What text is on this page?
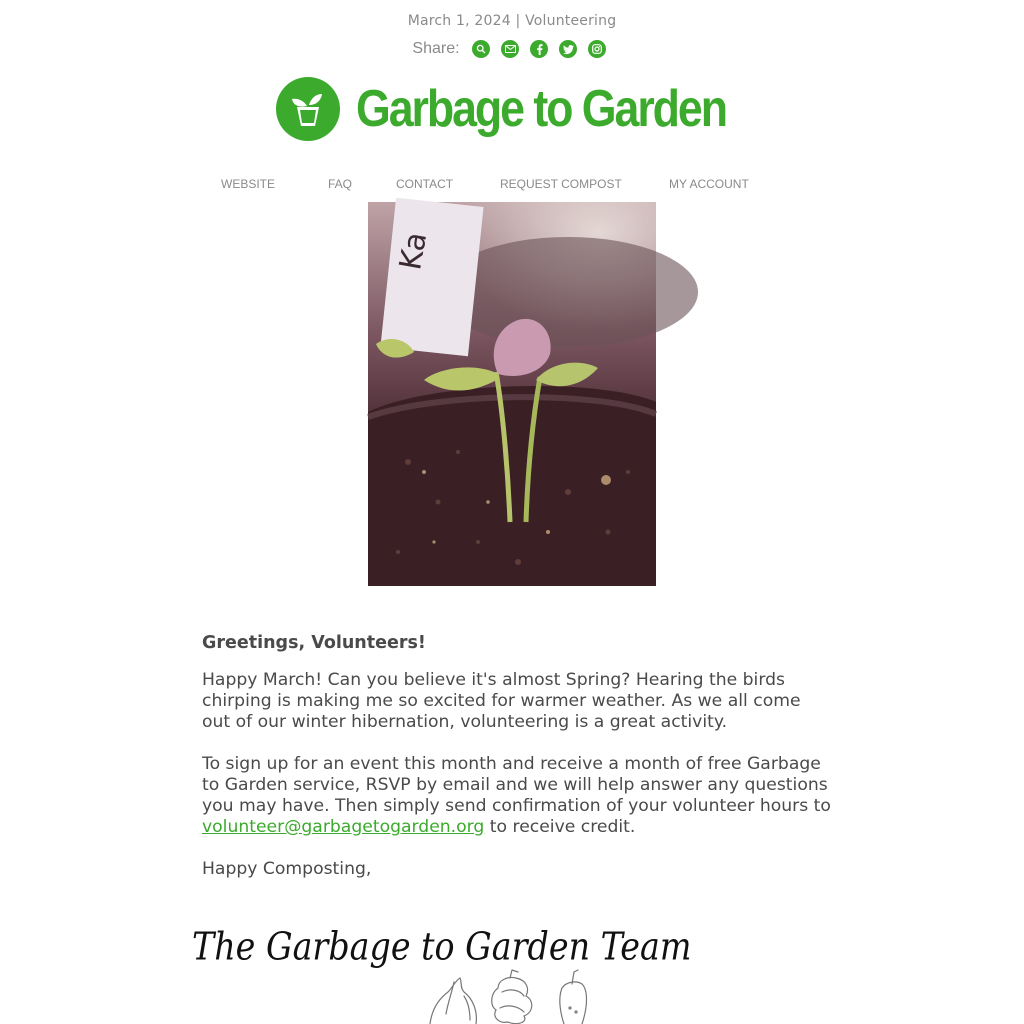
March 1, 2024 | Volunteering
Share:
Garbage to Garden
WEBSITE	FAQ	CONTACT	REQUEST COMPOST	MY ACCOUNT
Ka
Greetings, Volunteers!

Happy March! Can you believe it's almost Spring? Hearing the birds chirping is making me so excited for warmer weather. As we all come out of our winter hibernation, volunteering is a great activity.

To sign up for an event this month and receive a month of free Garbage to Garden service, RSVP by email and we will help answer any questions you may have. Then simply send confirmation of your volunteer hours to volunteer@garbagetogarden.org to receive credit.

Happy Composting,

The Garbage to Garden Team
